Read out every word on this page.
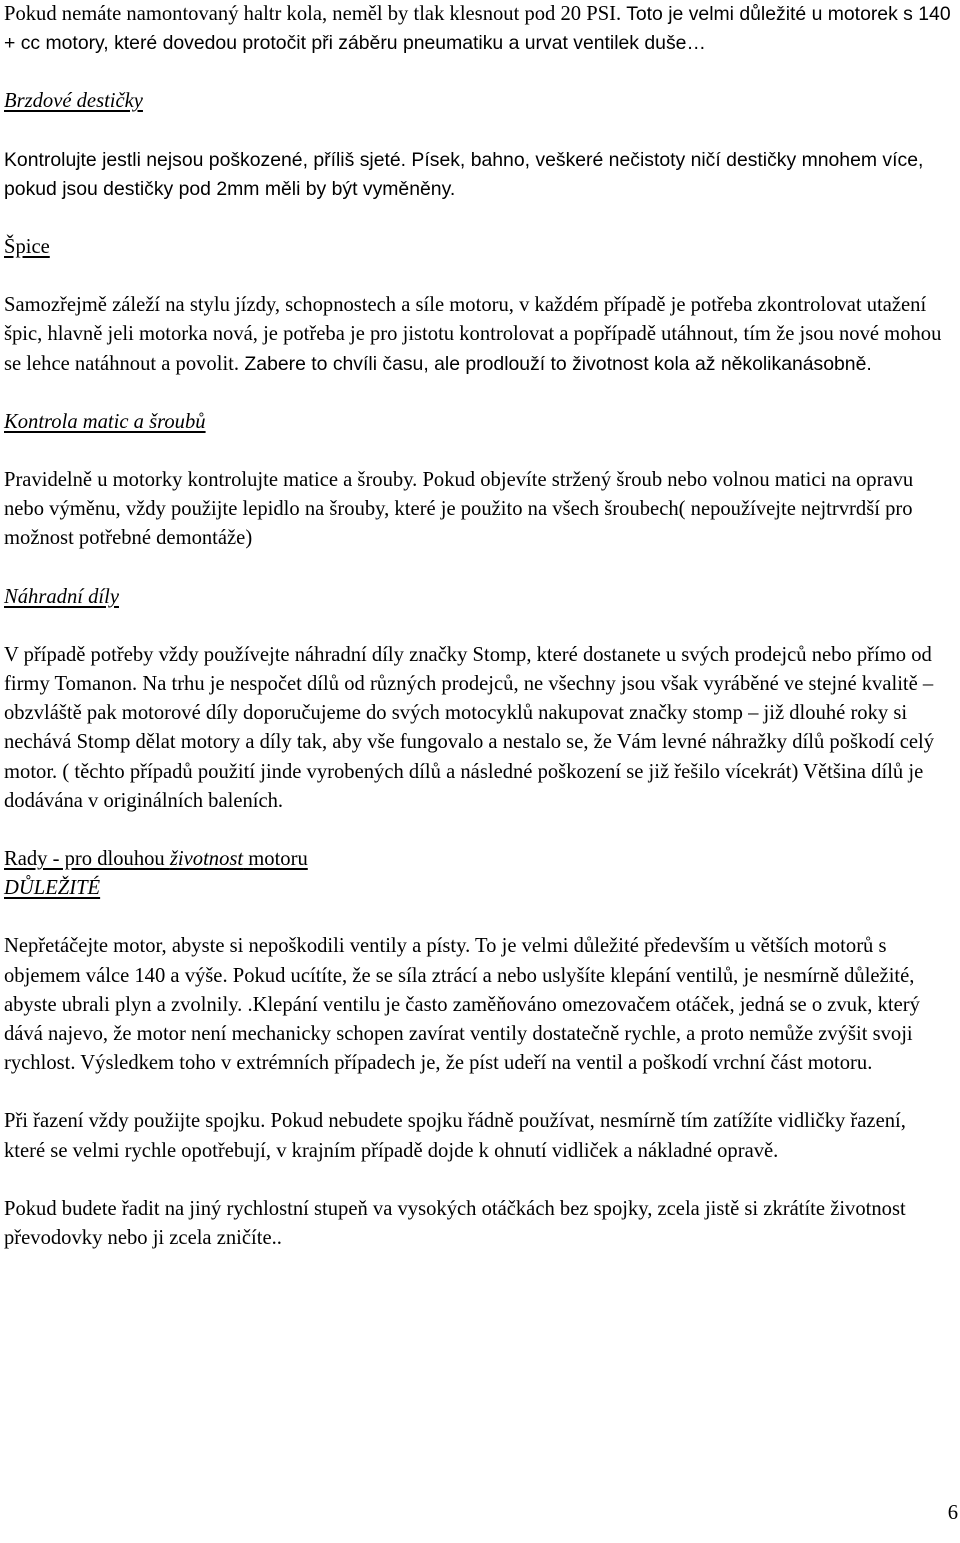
Pokud nemáte namontovaný haltr kola, neměl by tlak klesnout pod 20 PSI. Toto je velmi důležité u motorek s 140 + cc motory, které dovedou protočit při záběru pneumatiku a urvat ventilek duše…

Brzdové destičky

Kontrolujte jestli nejsou poškozené, příliš sjeté. Písek, bahno, veškeré nečistoty ničí destičky mnohem více, pokud jsou destičky pod 2mm měli by být vyměněny.

Špice

Samozřejmě záleží na stylu jízdy, schopnostech a síle motoru, v každém případě je potřeba zkontrolovat utažení špic, hlavně jeli motorka nová, je potřeba je pro jistotu kontrolovat a popřípadě utáhnout, tím že jsou nové mohou se lehce natáhnout a povolit. Zabere to chvíli času, ale prodlouží to životnost kola až několikanásobně.

Kontrola matic a šroubů

Pravidelně u motorky kontrolujte matice a šrouby. Pokud objevíte stržený šroub nebo volnou matici na opravu nebo výměnu, vždy použijte lepidlo na šrouby, které je použito na všech šroubech( nepoužívejte nejtrvrdší pro možnost potřebné demontáže)

Náhradní díly

V případě potřeby vždy používejte náhradní díly značky Stomp, které dostanete u svých prodejců nebo přímo od firmy Tomanon. Na trhu je nespočet dílů od různých prodejců, ne všechny jsou však vyráběné ve stejné kvalitě – obzvláště pak motorové díly doporučujeme do svých motocyklů nakupovat značky stomp – již dlouhé roky si nechává Stomp dělat motory a díly tak, aby vše fungovalo a nestalo se, že Vám levné náhražky dílů poškodí celý motor. ( těchto případů použití jinde vyrobených dílů a následné poškození se již řešilo vícekrát) Většina dílů je dodávána v originálních baleních.

Rady - pro dlouhou životnost motoru

DŮLEŽITÉ

Nepřetáčejte motor, abyste si nepoškodili ventily a písty. To je velmi důležité především u větších motorů s objemem válce 140 a výše. Pokud ucítíte, že se síla ztrácí a nebo uslyšíte klepání ventilů, je nesmírně důležité, abyste ubrali plyn a zvolnily. .Klepání ventilu je často zaměňováno omezovačem otáček, jedná se o zvuk, který dává najevo, že motor není mechanicky schopen zavírat ventily dostatečně rychle, a proto nemůže zvýšit svoji rychlost. Výsledkem toho v extrémních případech je, že píst udeří na ventil a poškodí vrchní část motoru.

Při řazení vždy použijte spojku. Pokud nebudete spojku řádně používat, nesmírně tím zatížíte vidličky řazení, které se velmi rychle opotřebují, v krajním případě dojde k ohnutí vidliček a nákladné opravě.

Pokud budete řadit na jiný rychlostní stupeň va vysokých otáčkách bez spojky, zcela jistě si zkrátíte životnost převodovky nebo ji zcela zničíte..

6
